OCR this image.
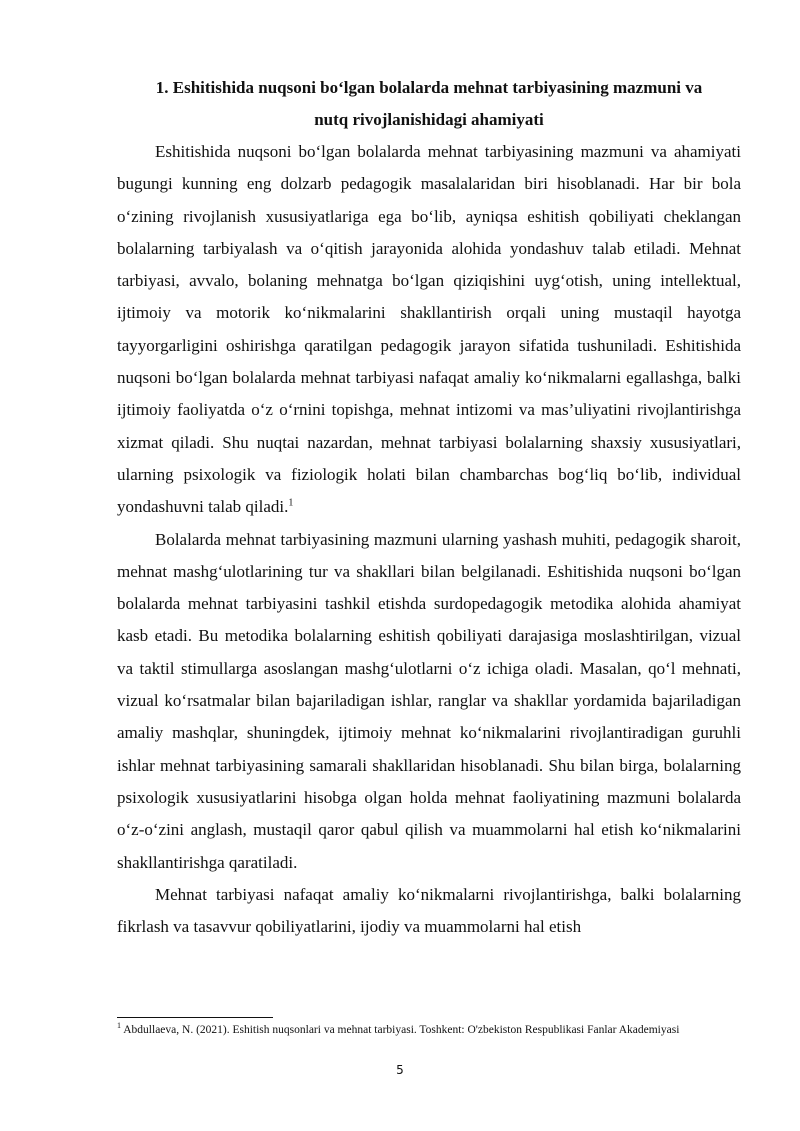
1. Eshitishida nuqsoni bo‘lgan bolalarda mehnat tarbiyasining mazmuni va
nutq rivojlanishidagi ahamiyati

Eshitishida nuqsoni bo‘lgan bolalarda mehnat tarbiyasining mazmuni va ahamiyati bugungi kunning eng dolzarb pedagogik masalalaridan biri hisoblanadi. Har bir bola o‘zining rivojlanish xususiyatlariga ega bo‘lib, ayniqsa eshitish qobiliyati cheklangan bolalarning tarbiyalash va o‘qitish jarayonida alohida yondashuv talab etiladi. Mehnat tarbiyasi, avvalo, bolaning mehnatga bo‘lgan qiziqishini uyg‘otish, uning intellektual, ijtimoiy va motorik ko‘nikmalarini shakllantirish orqali uning mustaqil hayotga tayyorgarligini oshirishga qaratilgan pedagogik jarayon sifatida tushuniladi. Eshitishida nuqsoni bo‘lgan bolalarda mehnat tarbiyasi nafaqat amaliy ko‘nikmalarni egallashga, balki ijtimoiy faoliyatda o‘z o‘rnini topishga, mehnat intizomi va mas’uliyatini rivojlantirishga xizmat qiladi. Shu nuqtai nazardan, mehnat tarbiyasi bolalarning shaxsiy xususiyatlari, ularning psixologik va fiziologik holati bilan chambarchas bog‘liq bo‘lib, individual yondashuvni talab qiladi.$^1$

Bolalarda mehnat tarbiyasining mazmuni ularning yashash muhiti, pedagogik sharoit, mehnat mashg‘ulotlarining tur va shakllari bilan belgilanadi. Eshitishida nuqsoni bo‘lgan bolalarda mehnat tarbiyasini tashkil etishda surdopedagogik metodika alohida ahamiyat kasb etadi. Bu metodika bolalarning eshitish qobiliyati darajasiga moslashtirilgan, vizual va taktil stimullarga asoslangan mashg‘ulotlarni o‘z ichiga oladi. Masalan, qo‘l mehnati, vizual ko‘rsatmalar bilan bajariladigan ishlar, ranglar va shakllar yordamida bajariladigan amaliy mashqlar, shuningdek, ijtimoiy mehnat ko‘nikmalarini rivojlantiradigan guruhli ishlar mehnat tarbiyasining samarali shakllaridan hisoblanadi. Shu bilan birga, bolalarning psixologik xususiyatlarini hisobga olgan holda mehnat faoliyatining mazmuni bolalarda o‘z-o‘zini anglash, mustaqil qaror qabul qilish va muammolarni hal etish ko‘nikmalarini shakllantirishga qaratiladi.

Mehnat tarbiyasi nafaqat amaliy ko‘nikmalarni rivojlantirishga, balki bolalarning fikrlash va tasavvur qobiliyatlarini, ijodiy va muammolarni hal etish

$^1$ Abdullaeva, N. (2021). Eshitish nuqsonlari va mehnat tarbiyasi. Toshkent: O'zbekiston Respublikasi Fanlar Akademiyasi
5
